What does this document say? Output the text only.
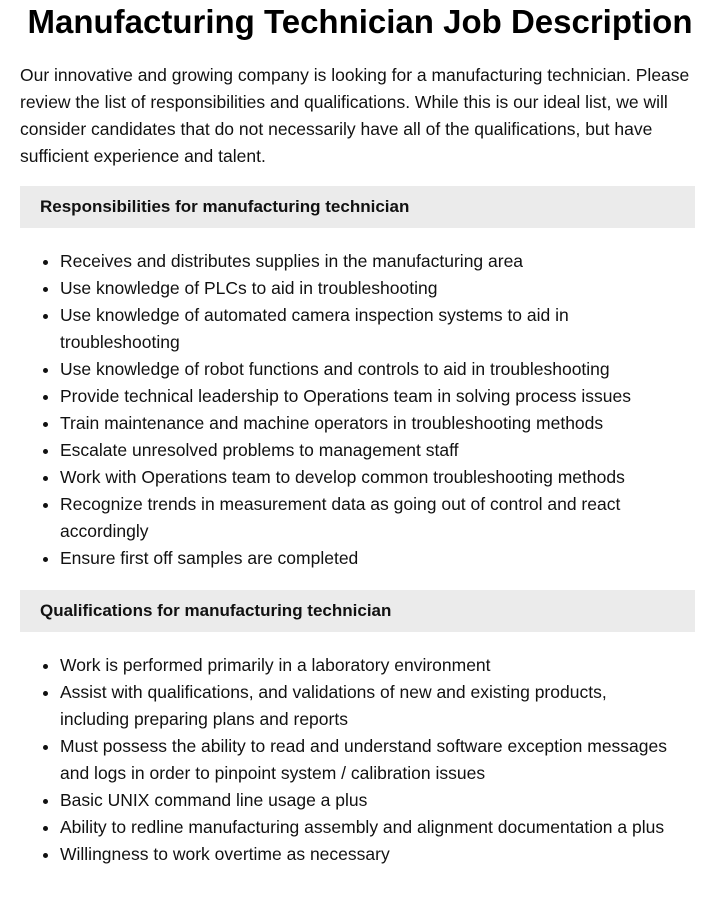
Manufacturing Technician Job Description

Our innovative and growing company is looking for a manufacturing technician. Please review the list of responsibilities and qualifications. While this is our ideal list, we will consider candidates that do not necessarily have all of the qualifications, but have sufficient experience and talent.

Responsibilities for manufacturing technician
Receives and distributes supplies in the manufacturing area
Use knowledge of PLCs to aid in troubleshooting
Use knowledge of automated camera inspection systems to aid in troubleshooting
Use knowledge of robot functions and controls to aid in troubleshooting
Provide technical leadership to Operations team in solving process issues
Train maintenance and machine operators in troubleshooting methods
Escalate unresolved problems to management staff
Work with Operations team to develop common troubleshooting methods
Recognize trends in measurement data as going out of control and react accordingly
Ensure first off samples are completed
Qualifications for manufacturing technician
Work is performed primarily in a laboratory environment
Assist with qualifications, and validations of new and existing products, including preparing plans and reports
Must possess the ability to read and understand software exception messages and logs in order to pinpoint system / calibration issues
Basic UNIX command line usage a plus
Ability to redline manufacturing assembly and alignment documentation a plus
Willingness to work overtime as necessary
